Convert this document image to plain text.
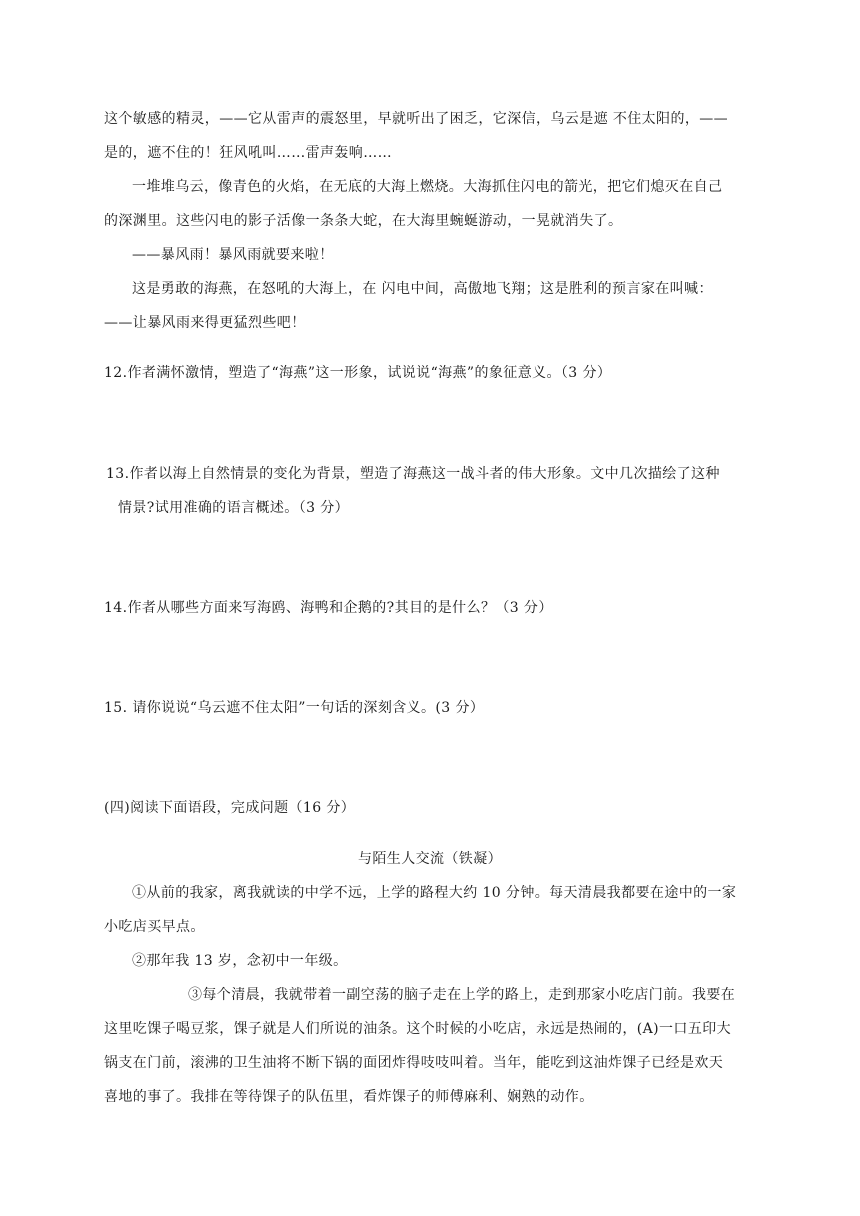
这个敏感的精灵，——它从雷声的震怒里，早就听出了困乏，它深信，乌云是遮 不住太阳的，——
是的，遮不住的！狂风吼叫……雷声轰响……
一堆堆乌云，像青色的火焰，在无底的大海上燃烧。大海抓住闪电的箭光，把它们熄灭在自己
的深渊里。这些闪电的影子活像一条条大蛇，在大海里蜿蜒游动，一晃就消失了。
——暴风雨！暴风雨就要来啦！
这是勇敢的海燕，在怒吼的大海上，在 闪电中间，高傲地飞翔；这是胜利的预言家在叫喊：
——让暴风雨来得更猛烈些吧！
12.作者满怀激情，塑造了“海燕”这一形象，试说说“海燕”的象征意义。（3 分）
13.作者以海上自然情景的变化为背景，塑造了海燕这一战斗者的伟大形象。文中几次描绘了这种
情景?试用准确的语言概述。（3 分）
14.作者从哪些方面来写海鸥、海鸭和企鹅的?其目的是什么？（3 分）
15. 请你说说“乌云遮不住太阳”一句话的深刻含义。(3 分）
(四)阅读下面语段，完成问题（16 分）
与陌生人交流（铁凝）
①从前的我家，离我就读的中学不远，上学的路程大约 10 分钟。每天清晨我都要在途中的一家
小吃店买早点。
②那年我 13 岁，念初中一年级。
③每个清晨，我就带着一副空荡的脑子走在上学的路上，走到那家小吃店门前。我要在
这里吃馃子喝豆浆，馃子就是人们所说的油条。这个时候的小吃店，永远是热闹的，(A)一口五印大
锅支在门前，滚沸的卫生油将不断下锅的面团炸得吱吱叫着。当年，能吃到这油炸馃子已经是欢天
喜地的事了。我排在等待馃子的队伍里，看炸馃子的师傅麻利、娴熟的动作。
